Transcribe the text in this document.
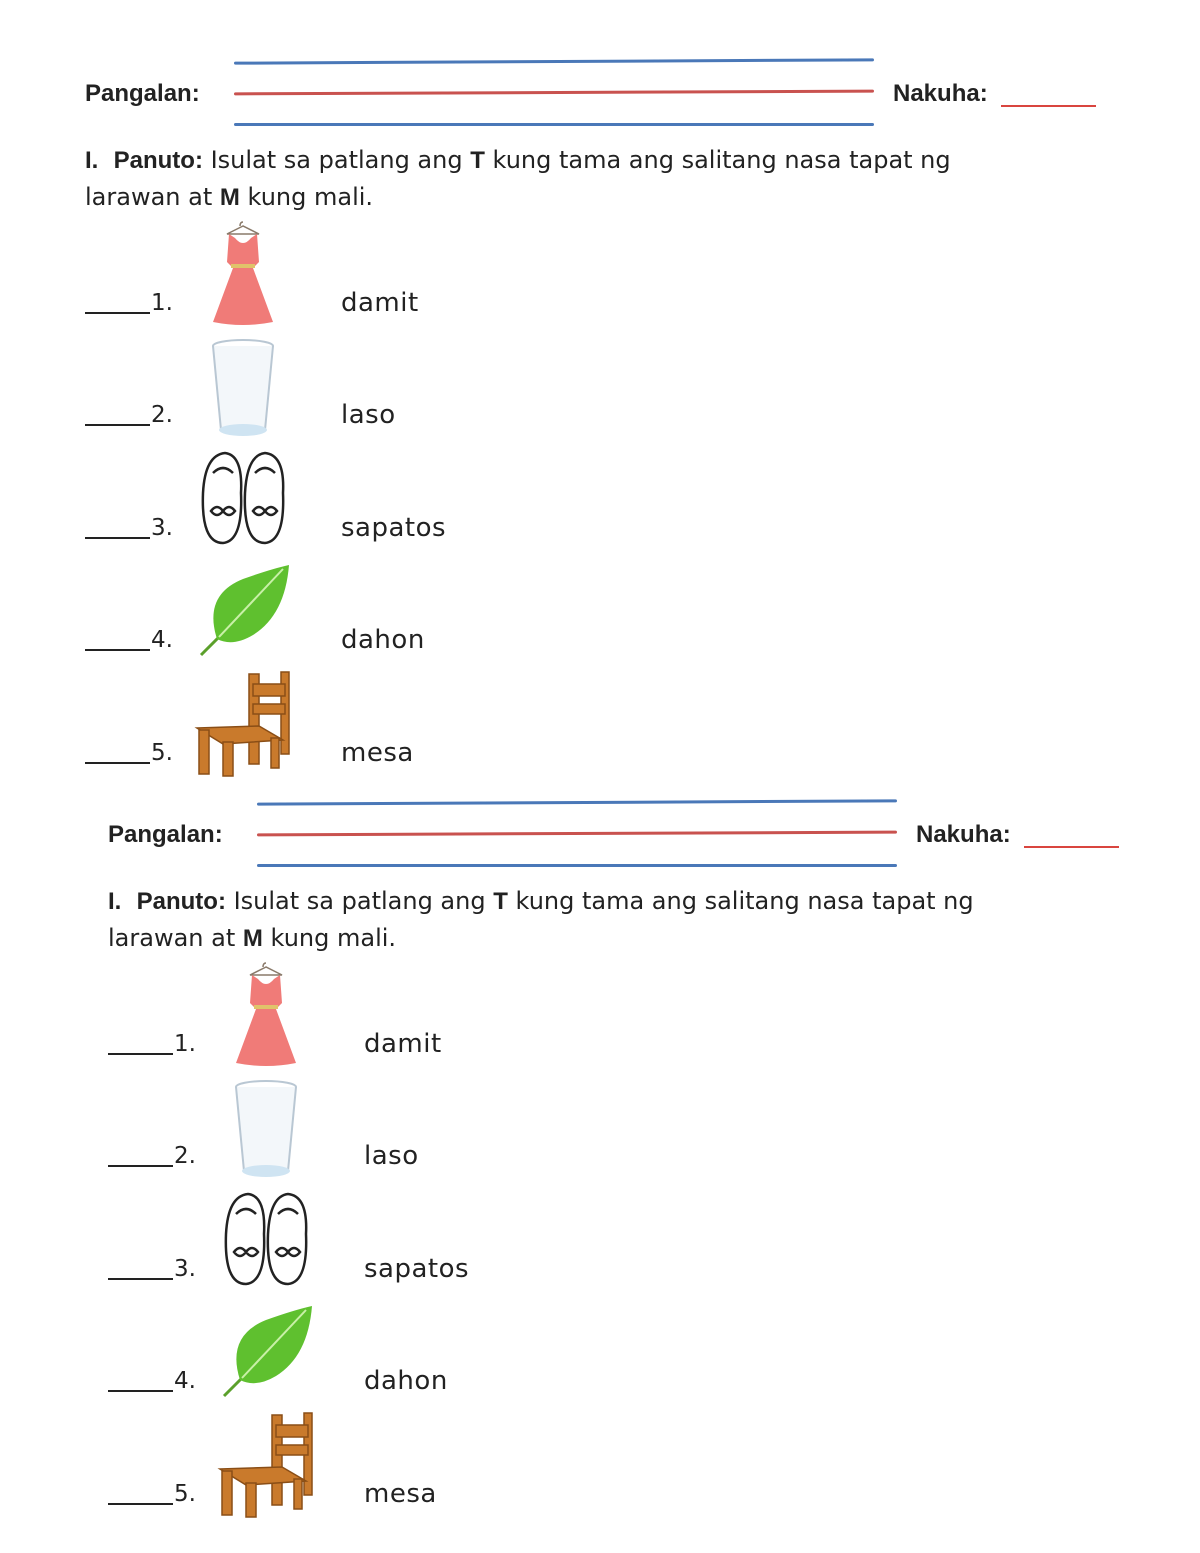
Pangalan:	Nakuha:
I. Panuto: Isulat sa patlang ang T kung tama ang salitang nasa tapat ng larawan at M kung mali.
1.	damit
2.	laso
3.	sapatos
4.	dahon
5.	mesa
Pangalan:	Nakuha:
I. Panuto: Isulat sa patlang ang T kung tama ang salitang nasa tapat ng larawan at M kung mali.
1.	damit
2.	laso
3.	sapatos
4.	dahon
5.	mesa
